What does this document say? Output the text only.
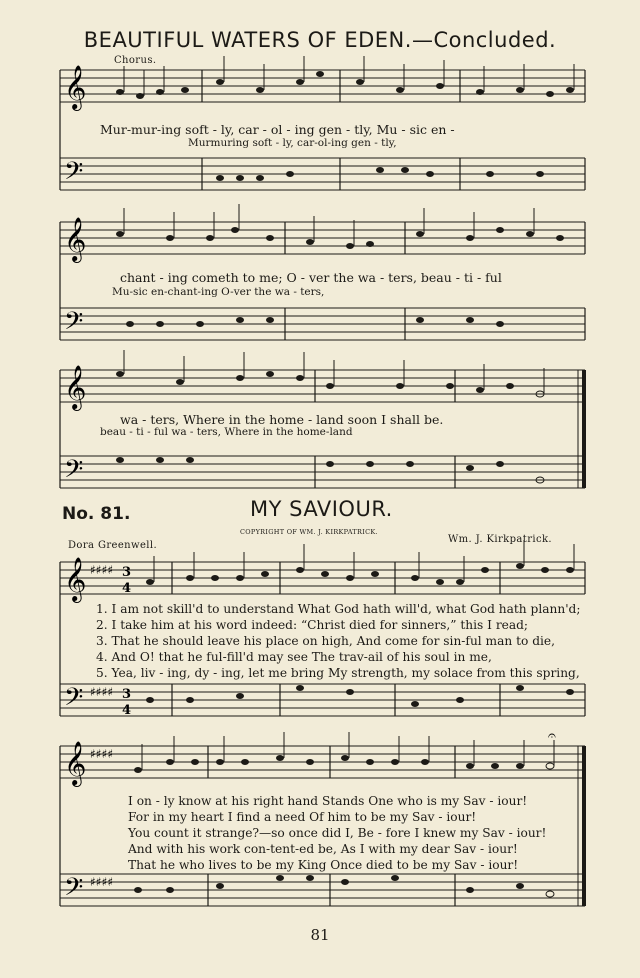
BEAUTIFUL WATERS OF EDEN.—Concluded.
Chorus.
𝄞
𝄢
Mur-mur-ing soft - ly, car - ol - ing gen - tly, Mu - sic en -
Murmuring soft - ly, car-ol-ing gen - tly,
𝄞
𝄢
chant - ing cometh to me; O - ver the wa - ters, beau - ti - ful
Mu-sic en-chant-ing O-ver the wa - ters,
𝄞
𝄢
wa - ters, Where in the home - land soon I shall be.
beau - ti - ful wa - ters, Where in the home-land
No. 81.	MY SAVIOUR.
COPYRIGHT OF WM. J. KIRKPATRICK.
Dora Greenwell.
Wm. J. Kirkpatrick.
𝄞
𝄢
♯♯♯♯
♯♯♯♯
3
4
3
4
1. I am not skill'd to understand What God hath will'd, what God hath plann'd;
2. I take him at his word indeed: “Christ died for sinners,” this I read;
3. That he should leave his place on high, And come for sin-ful man to die,
4. And O! that he ful-fill'd may see The trav-ail of his soul in me,
5. Yea, liv - ing, dy - ing, let me bring My strength, my solace from this spring,
𝄞
𝄢
♯♯♯♯
♯♯♯♯
𝄐
I on - ly know at his right hand Stands One who is my Sav - iour!
For in my heart I find a need Of him to be my Sav - iour!
You count it strange?—so once did I, Be - fore I knew my Sav - iour!
And with his work con-tent-ed be, As I with my dear Sav - iour!
That he who lives to be my King Once died to be my Sav - iour!
81
